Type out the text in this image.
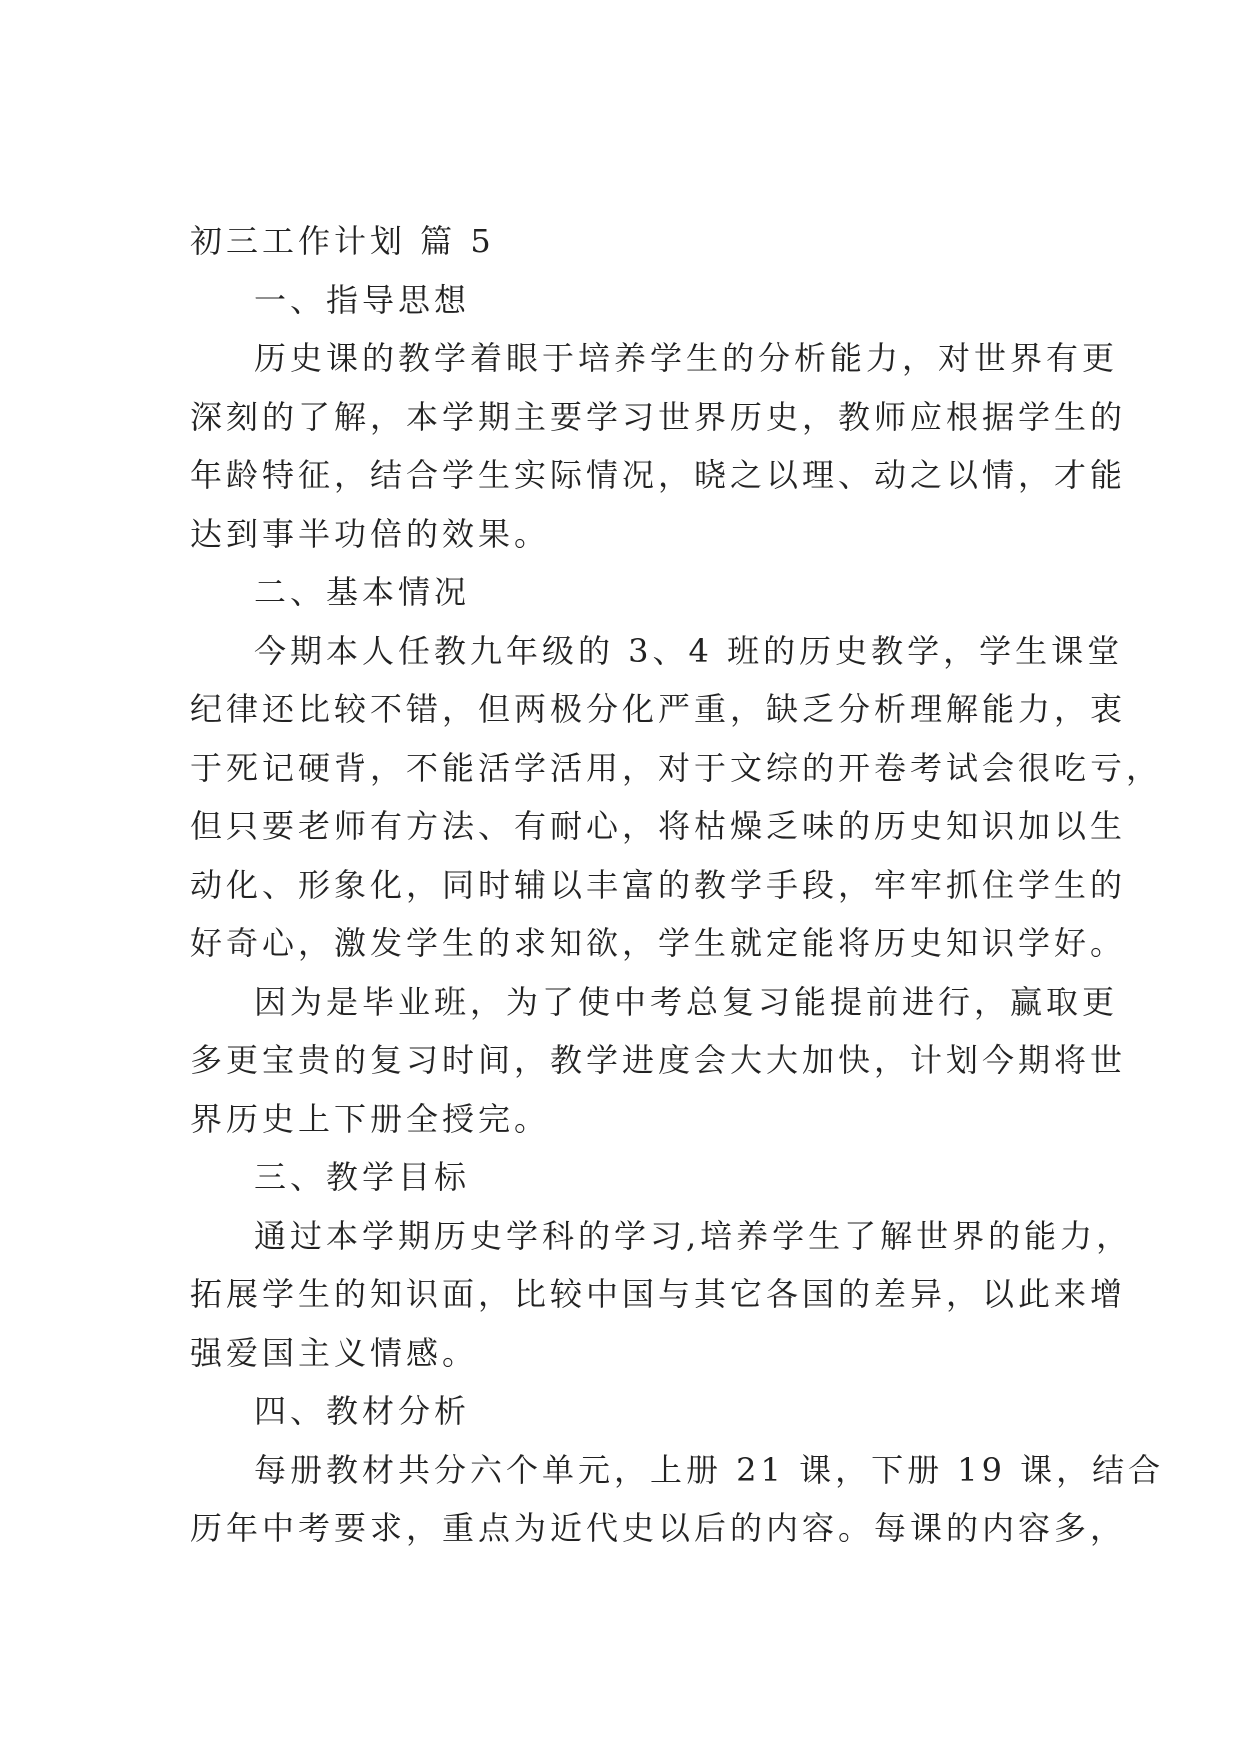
初三工作计划 篇 5
一、指导思想
历史课的教学着眼于培养学生的分析能力，对世界有更
深刻的了解，本学期主要学习世界历史，教师应根据学生的
年龄特征，结合学生实际情况，晓之以理、动之以情，才能
达到事半功倍的效果。
二、基本情况
今期本人任教九年级的 3、4 班的历史教学，学生课堂
纪律还比较不错，但两极分化严重，缺乏分析理解能力，衷
于死记硬背，不能活学活用，对于文综的开卷考试会很吃亏，
但只要老师有方法、有耐心，将枯燥乏味的历史知识加以生
动化、形象化，同时辅以丰富的教学手段，牢牢抓住学生的
好奇心，激发学生的求知欲，学生就定能将历史知识学好。
因为是毕业班，为了使中考总复习能提前进行，赢取更
多更宝贵的复习时间，教学进度会大大加快，计划今期将世
界历史上下册全授完。
三、教学目标
通过本学期历史学科的学习,培养学生了解世界的能力，
拓展学生的知识面，比较中国与其它各国的差异，以此来增
强爱国主义情感。
四、教材分析
每册教材共分六个单元，上册 21 课，下册 19 课，结合
历年中考要求，重点为近代史以后的内容。每课的内容多，
